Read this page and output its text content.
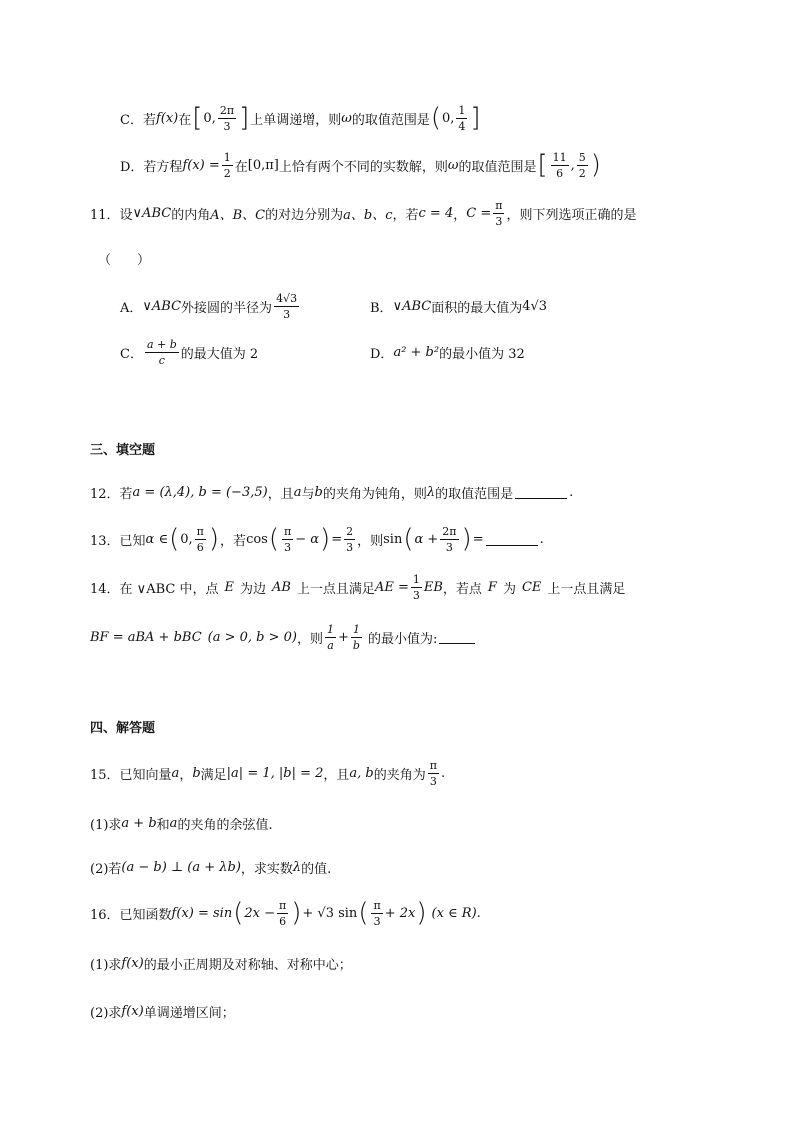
C．若 f(x) 在 [ 0, $\frac{2\pi}{3}$ ] 上单调递增，则 ω 的取值范围是 ( 0, $\frac{1}{4}$ ]
D．若方程 $f(x) = \frac{1}{2}$ 在 [0,π] 上恰有两个不同的实数解，则 ω 的取值范围是 [ $\frac{11}{6}$ , $\frac{5}{2}$ )
11．设 ∨ABC 的内角 A、B、C 的对边分别为 a、b、c ，若 c = 4 ， $C = \frac{\pi}{3}$ ，则下列选项正确的是
（　　）
A． ∨ABC 外接圆的半径为 $\frac{4√3}{3}$	B． ∨ABC 面积的最大值为 4√3
C． $\frac{a + b}{c}$ 的最大值为 2	D． a² + b² 的最小值为 32
三、填空题
12．若 a = (λ,4), b = (−3,5) ，且 a 与 b 的夹角为钝角，则 λ 的取值范围是	.
13．已知 α ∈ ( 0, $\frac{\pi}{6}$ ) ，若 cos ( $\frac{\pi}{3} - \alpha$ ) = $\frac{2}{3}$ ，则 sin ( $\alpha + \frac{2\pi}{3}$ ) =	.
14．在 ∨ABC 中，点 E 为边 AB 上一点且满足 AE = $\frac{1}{3}$ EB ，若点 F 为 CE 上一点且满足
BF = aBA + bBC (a > 0, b > 0) ，则 $\frac{1}{a} + \frac{1}{b}$ 的最小值为:
四、解答题
15．已知向量 a ， b 满足 |a| = 1, |b| = 2 ，且 a, b 的夹角为 $\frac{\pi}{3}$ .
(1)求 a + b 和 a 的夹角的余弦值.
(2)若 (a − b) ⊥ (a + λb) ，求实数 λ 的值.
16．已知函数 f(x) = sin ( $2x - \frac{\pi}{6}$ ) + √3 sin ( $\frac{\pi}{3} + 2x$ ) (x ∈ R) .
(1)求 f(x) 的最小正周期及对称轴、对称中心；
(2)求 f(x) 单调递增区间；
